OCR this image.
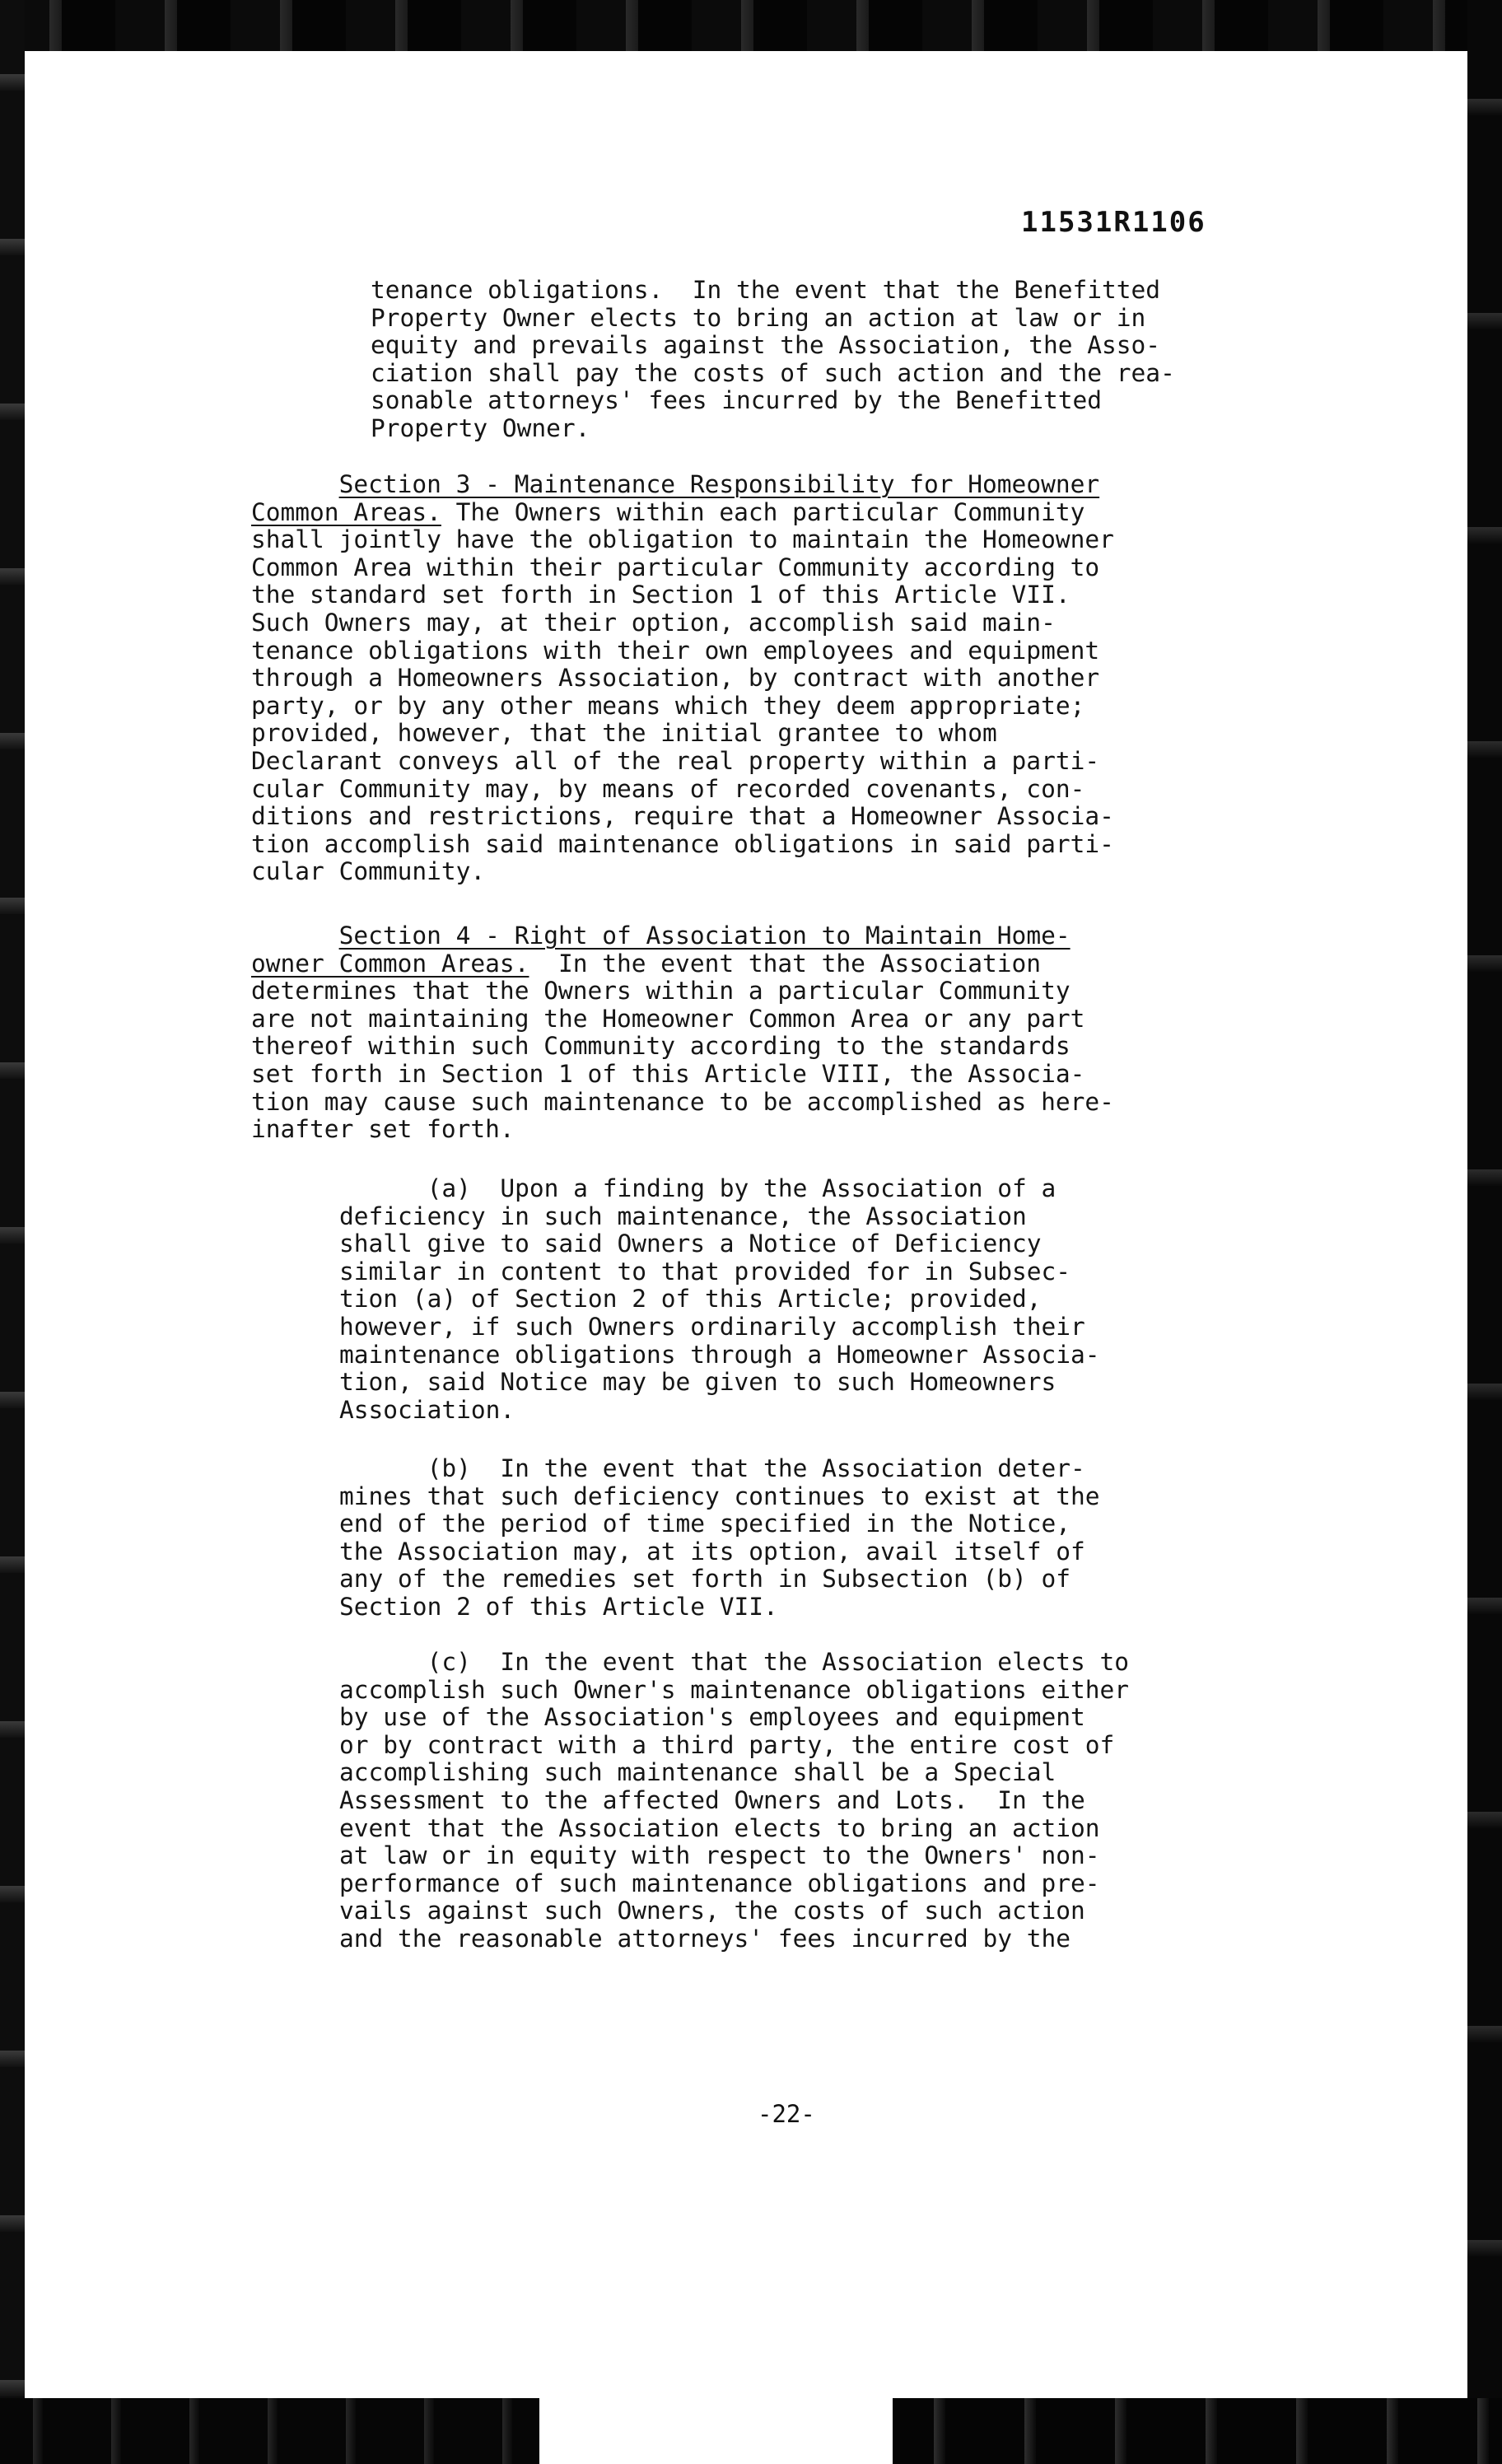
11531R1106
tenance obligations.  In the event that the Benefitted
Property Owner elects to bring an action at law or in
equity and prevails against the Association, the Asso-
ciation shall pay the costs of such action and the rea-
sonable attorneys' fees incurred by the Benefitted
Property Owner.
Section 3 - Maintenance Responsibility for Homeowner
Common Areas. The Owners within each particular Community
shall jointly have the obligation to maintain the Homeowner
Common Area within their particular Community according to
the standard set forth in Section 1 of this Article VII.
Such Owners may, at their option, accomplish said main-
tenance obligations with their own employees and equipment
through a Homeowners Association, by contract with another
party, or by any other means which they deem appropriate;
provided, however, that the initial grantee to whom
Declarant conveys all of the real property within a parti-
cular Community may, by means of recorded covenants, con-
ditions and restrictions, require that a Homeowner Associa-
tion accomplish said maintenance obligations in said parti-
cular Community.
Section 4 - Right of Association to Maintain Home-
owner Common Areas.  In the event that the Association
determines that the Owners within a particular Community
are not maintaining the Homeowner Common Area or any part
thereof within such Community according to the standards
set forth in Section 1 of this Article VIII, the Associa-
tion may cause such maintenance to be accomplished as here-
inafter set forth.
(a)  Upon a finding by the Association of a
deficiency in such maintenance, the Association
shall give to said Owners a Notice of Deficiency
similar in content to that provided for in Subsec-
tion (a) of Section 2 of this Article; provided,
however, if such Owners ordinarily accomplish their
maintenance obligations through a Homeowner Associa-
tion, said Notice may be given to such Homeowners
Association.
(b)  In the event that the Association deter-
mines that such deficiency continues to exist at the
end of the period of time specified in the Notice,
the Association may, at its option, avail itself of
any of the remedies set forth in Subsection (b) of
Section 2 of this Article VII.
(c)  In the event that the Association elects to
accomplish such Owner's maintenance obligations either
by use of the Association's employees and equipment
or by contract with a third party, the entire cost of
accomplishing such maintenance shall be a Special
Assessment to the affected Owners and Lots.  In the
event that the Association elects to bring an action
at law or in equity with respect to the Owners' non-
performance of such maintenance obligations and pre-
vails against such Owners, the costs of such action
and the reasonable attorneys' fees incurred by the
-22-
